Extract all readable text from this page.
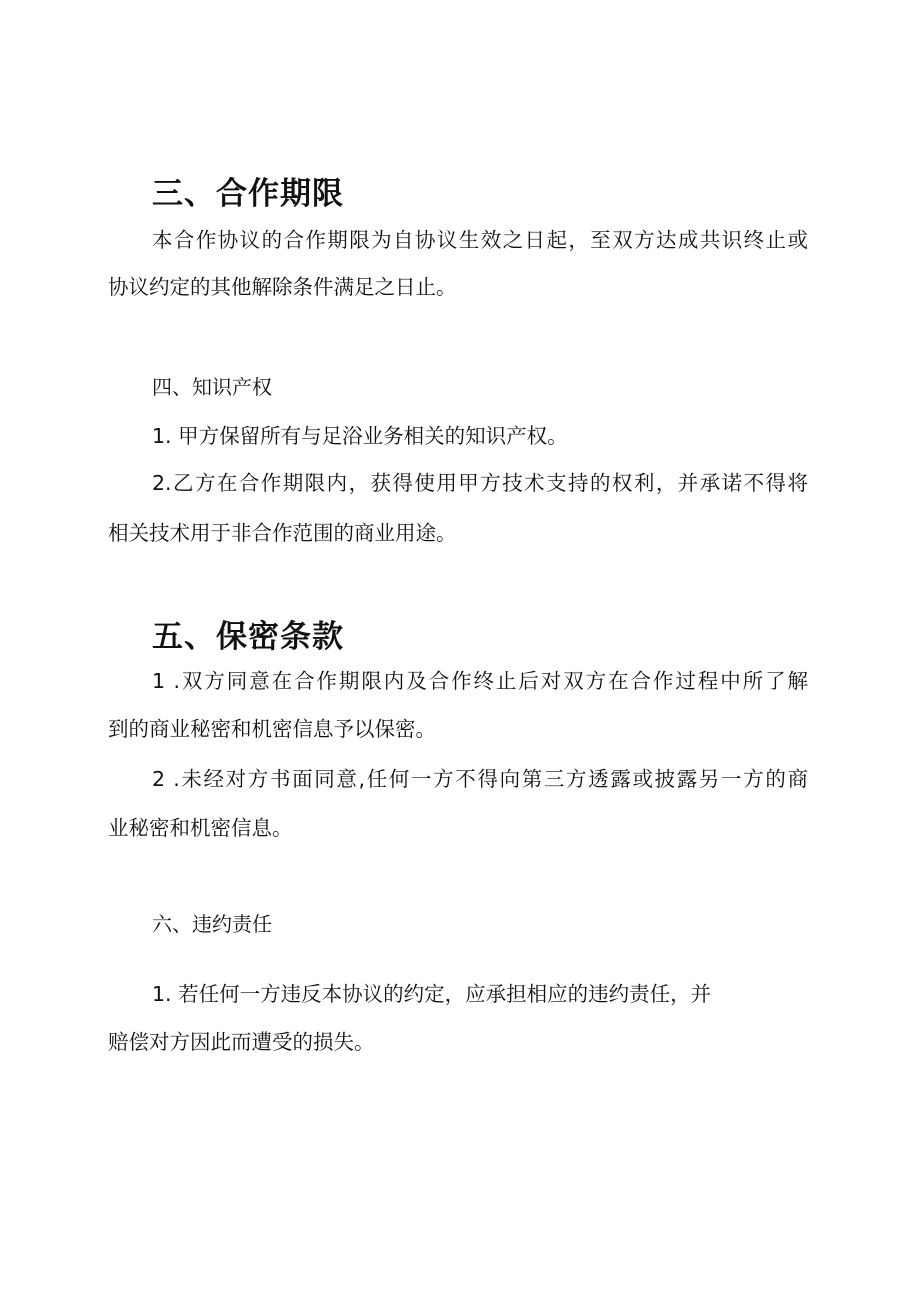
三、合作期限

本合作协议的合作期限为自协议生效之日起，至双方达成共识终止或

协议约定的其他解除条件满足之日止。

四、知识产权

1. 甲方保留所有与足浴业务相关的知识产权。

2.乙方在合作期限内，获得使用甲方技术支持的权利，并承诺不得将

相关技术用于非合作范围的商业用途。

五、保密条款

1 .双方同意在合作期限内及合作终止后对双方在合作过程中所了解

到的商业秘密和机密信息予以保密。

2 .未经对方书面同意,任何一方不得向第三方透露或披露另一方的商

业秘密和机密信息。

六、违约责任

1. 若任何一方违反本协议的约定，应承担相应的违约责任，并

赔偿对方因此而遭受的损失。
